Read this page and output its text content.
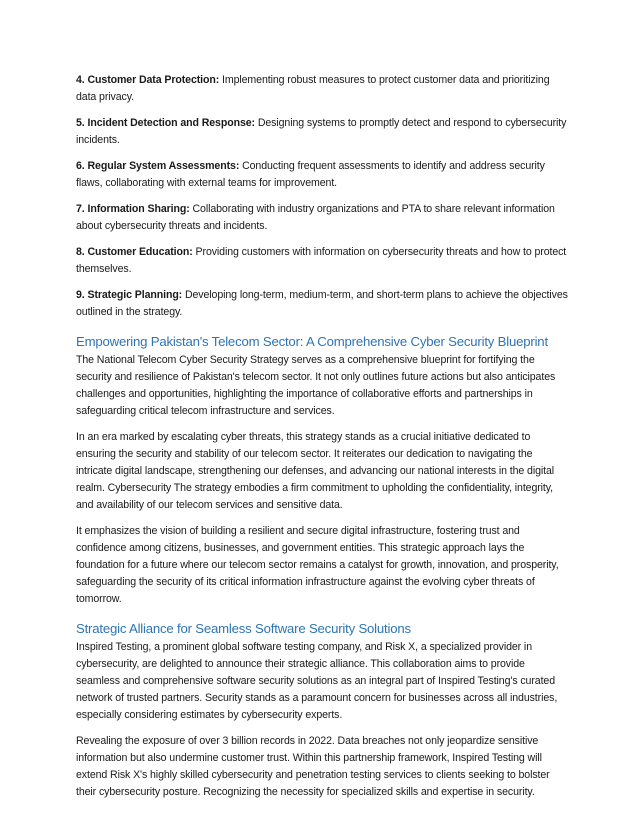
4. Customer Data Protection: Implementing robust measures to protect customer data and prioritizing data privacy.

5. Incident Detection and Response: Designing systems to promptly detect and respond to cybersecurity incidents.

6. Regular System Assessments: Conducting frequent assessments to identify and address security flaws, collaborating with external teams for improvement.

7. Information Sharing: Collaborating with industry organizations and PTA to share relevant information about cybersecurity threats and incidents.

8. Customer Education: Providing customers with information on cybersecurity threats and how to protect themselves.

9. Strategic Planning: Developing long-term, medium-term, and short-term plans to achieve the objectives outlined in the strategy.

Empowering Pakistan's Telecom Sector: A Comprehensive Cyber Security Blueprint

The National Telecom Cyber Security Strategy serves as a comprehensive blueprint for fortifying the security and resilience of Pakistan's telecom sector. It not only outlines future actions but also anticipates challenges and opportunities, highlighting the importance of collaborative efforts and partnerships in safeguarding critical telecom infrastructure and services.

In an era marked by escalating cyber threats, this strategy stands as a crucial initiative dedicated to ensuring the security and stability of our telecom sector. It reiterates our dedication to navigating the intricate digital landscape, strengthening our defenses, and advancing our national interests in the digital realm. Cybersecurity The strategy embodies a firm commitment to upholding the confidentiality, integrity, and availability of our telecom services and sensitive data.

It emphasizes the vision of building a resilient and secure digital infrastructure, fostering trust and confidence among citizens, businesses, and government entities. This strategic approach lays the foundation for a future where our telecom sector remains a catalyst for growth, innovation, and prosperity, safeguarding the security of its critical information infrastructure against the evolving cyber threats of tomorrow.

Strategic Alliance for Seamless Software Security Solutions

Inspired Testing, a prominent global software testing company, and Risk X, a specialized provider in cybersecurity, are delighted to announce their strategic alliance. This collaboration aims to provide seamless and comprehensive software security solutions as an integral part of Inspired Testing's curated network of trusted partners. Security stands as a paramount concern for businesses across all industries, especially considering estimates by cybersecurity experts.

Revealing the exposure of over 3 billion records in 2022. Data breaches not only jeopardize sensitive information but also undermine customer trust. Within this partnership framework, Inspired Testing will extend Risk X's highly skilled cybersecurity and penetration testing services to clients seeking to bolster their cybersecurity posture. Recognizing the necessity for specialized skills and expertise in security.
